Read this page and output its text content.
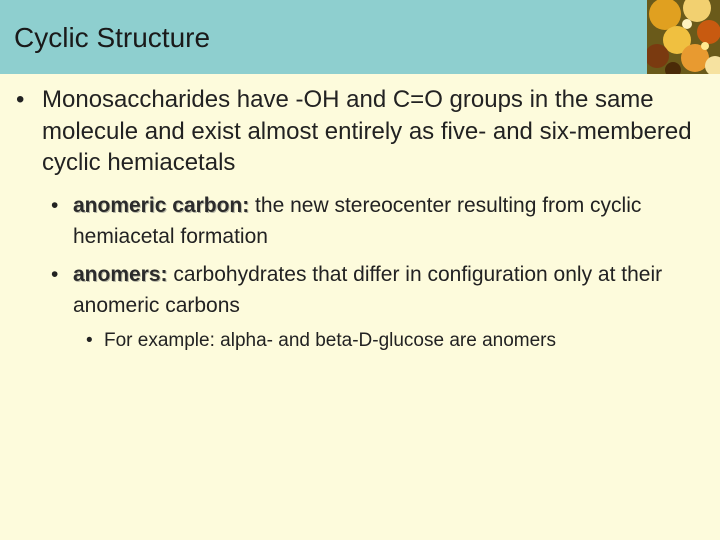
Cyclic Structure
• Monosaccharides have -OH and C=O groups in the same molecule and exist almost entirely as five- and six-membered cyclic hemiacetals
• anomeric carbon: the new stereocenter resulting from cyclic hemiacetal formation
• anomers: carbohydrates that differ in configuration only at their anomeric carbons
• For example: alpha- and beta-D-glucose are anomers
